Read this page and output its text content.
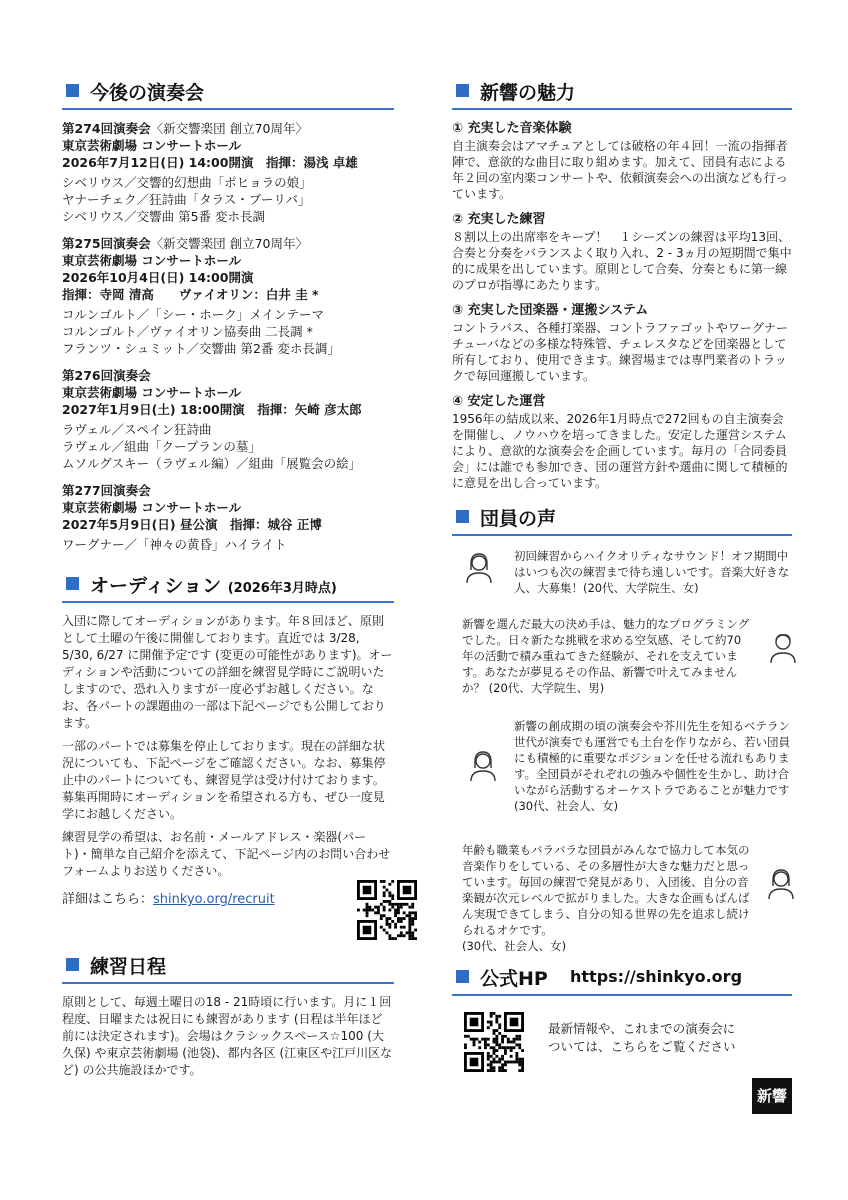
今後の演奏会
第274回演奏会〈新交響楽団 創立70周年〉
東京芸術劇場 コンサートホール
2026年7月12日(日) 14:00開演　指揮：湯浅 卓雄
シベリウス／交響的幻想曲「ポヒョラの娘」
ヤナーチェク／狂詩曲「タラス・ブーリバ」
シベリウス／交響曲 第5番 変ホ長調
第275回演奏会〈新交響楽団 創立70周年〉
東京芸術劇場 コンサートホール
2026年10月4日(日) 14:00開演
指揮：寺岡 清高　　ヴァイオリン：白井 圭 *
コルンゴルト／「シー・ホーク」メインテーマ
コルンゴルト／ヴァイオリン協奏曲 二長調 *
フランツ・シュミット／交響曲 第2番 変ホ長調」
第276回演奏会
東京芸術劇場 コンサートホール
2027年1月9日(土) 18:00開演　指揮：矢崎 彦太郎
ラヴェル／スペイン狂詩曲
ラヴェル／組曲「クープランの墓」
ムソルグスキー（ラヴェル編）／組曲「展覧会の絵」
第277回演奏会
東京芸術劇場 コンサートホール
2027年5月9日(日) 昼公演　指揮：城谷 正博
ワーグナー／「神々の黄昏」ハイライト
オーディション (2026年3月時点)

入団に際してオーディションがあります。年８回ほど、原則として土曜の午後に開催しております。直近では 3/28, 5/30, 6/27 に開催予定です (変更の可能性があります)。オーディションや活動についての詳細を練習見学時にご説明いたしますので、恐れ入りますが一度必ずお越しください。なお、各パートの課題曲の一部は下記ページでも公開しております。

一部のパートでは募集を停止しております。現在の詳細な状況についても、下記ページをご確認ください。なお、募集停止中のパートについても、練習見学は受け付けております。募集再開時にオーディションを希望される方も、ぜひ一度見学にお越しください。

練習見学の希望は、お名前・メールアドレス・楽器(パート)・簡単な自己紹介を添えて、下記ページ内のお問い合わせフォームよりお送りください。

詳細はこちら：shinkyo.org/recruit
練習日程

原則として、毎週土曜日の18 - 21時頃に行います。月に１回程度、日曜または祝日にも練習があります (日程は半年ほど前には決定されます)。会場はクラシックスペース☆100 (大久保) や東京芸術劇場 (池袋)、都内各区 (江東区や江戸川区など) の公共施設ほかです。

新響の魅力
① 充実した音楽体験
自主演奏会はアマチュアとしては破格の年４回！一流の指揮者陣で、意欲的な曲目に取り組めます。加えて、団員有志による年２回の室内楽コンサートや、依頼演奏会への出演なども行っています。
② 充実した練習
８割以上の出席率をキープ！　１シーズンの練習は平均13回、合奏と分奏をバランスよく取り入れ、2 - 3ヵ月の短期間で集中的に成果を出しています。原則として合奏、分奏ともに第一線のプロが指導にあたります。
③ 充実した団楽器・運搬システム
コントラバス、各種打楽器、コントラファゴットやワーグナーチューバなどの多様な特殊管、チェレスタなどを団楽器として所有しており、使用できます。練習場までは専門業者のトラックで毎回運搬しています。
④ 安定した運営
1956年の結成以来、2026年1月時点で272回もの自主演奏会を開催し、ノウハウを培ってきました。安定した運営システムにより、意欲的な演奏会を企画しています。毎月の「合同委員会」には誰でも参加でき、団の運営方針や選曲に関して積極的に意見を出し合っています。
団員の声
初回練習からハイクオリティなサウンド！オフ期間中はいつも次の練習まで待ち遠しいです。音楽大好きな人、大募集！(20代、大学院生、女)
新響を選んだ最大の決め手は、魅力的なプログラミングでした。日々新たな挑戦を求める空気感、そして約70年の活動で積み重ねてきた経験が、それを支えています。あなたが夢見るその作品、新響で叶えてみませんか？ (20代、大学院生、男)
新響の創成期の頃の演奏会や芥川先生を知るベテラン世代が演奏でも運営でも土台を作りながら、若い団員にも積極的に重要なポジションを任せる流れもあります。全団員がそれぞれの強みや個性を生かし、助け合いながら活動するオーケストラであることが魅力です
(30代、社会人、女)
年齢も職業もバラバラな団員がみんなで協力して本気の音楽作りをしている、その多層性が大きな魅力だと思っています。毎回の練習で発見があり、入団後、自分の音楽観が次元レベルで拡がりました。大きな企画もばんばん実現できてしまう、自分の知る世界の先を追求し続けられるオケです。
(30代、社会人、女)
公式HP https://shinkyo.org
最新情報や、これまでの演奏会に
ついては、こちらをご覧ください
新響
